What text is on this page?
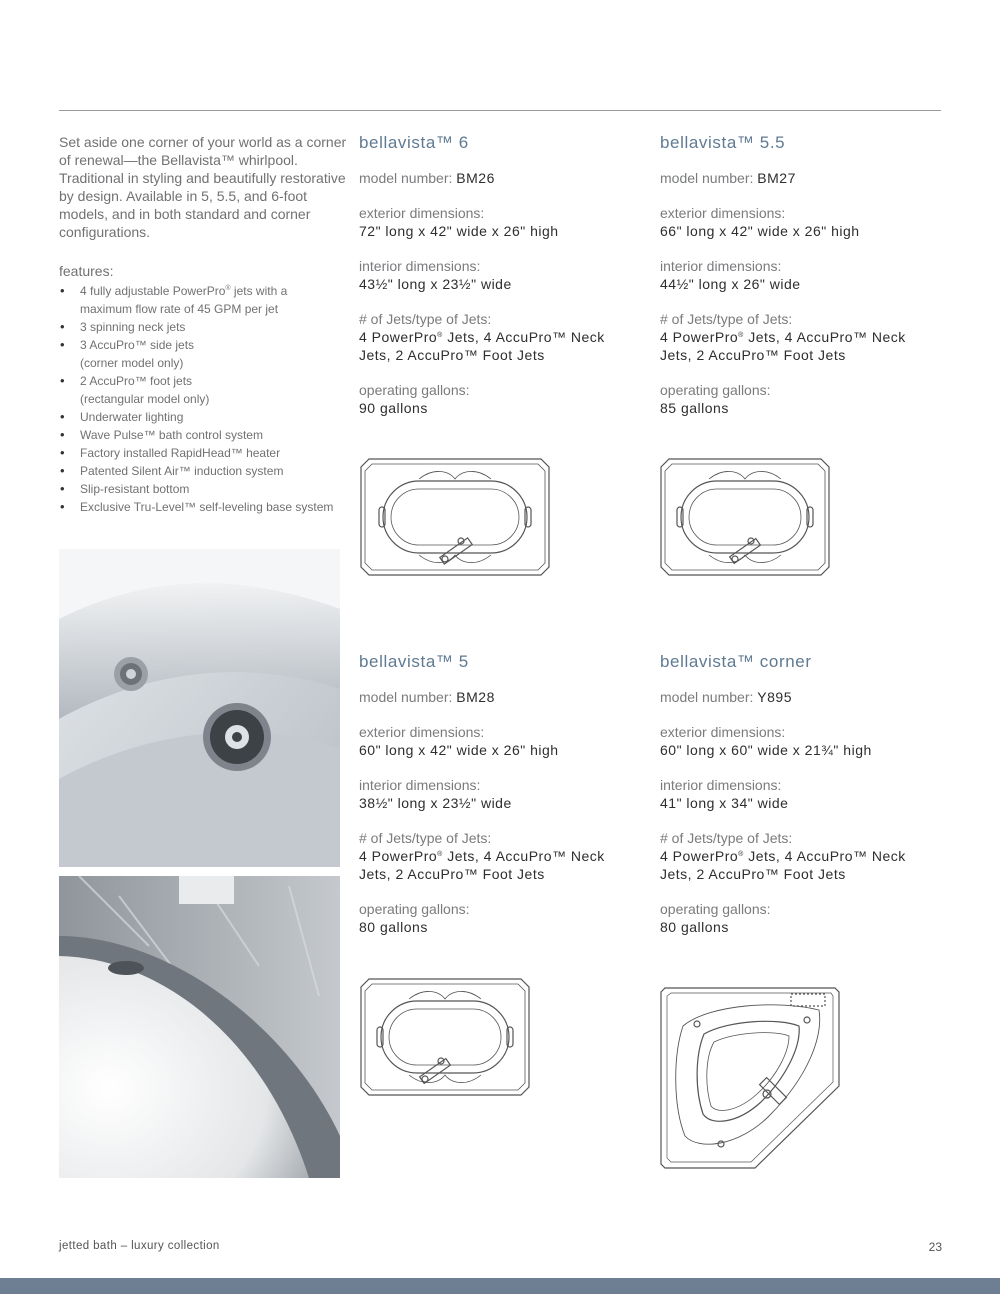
Set aside one corner of your world as a corner of renewal—the Bellavista™ whirlpool. Traditional in styling and beautifully restorative by design. Available in 5, 5.5, and 6-foot models, and in both standard and corner configurations.

features:
• 4 fully adjustable PowerPro® jets with a
maximum flow rate of 45 GPM per jet
• 3 spinning neck jets
• 3 AccuPro™ side jets
(corner model only)
• 2 AccuPro™ foot jets
(rectangular model only)
• Underwater lighting
• Wave Pulse™ bath control system
• Factory installed RapidHead™ heater
• Patented Silent Air™ induction system
• Slip-resistant bottom
• Exclusive Tru-Level™ self-leveling base system
bellavista™ 6
model number: BM26
exterior dimensions:
72" long x 42" wide x 26" high
interior dimensions:
43½" long x 23½" wide
# of Jets/type of Jets:
4 PowerPro® Jets, 4 AccuPro™ Neck
Jets, 2 AccuPro™ Foot Jets
operating gallons:
90 gallons
bellavista™ 5.5
model number: BM27
exterior dimensions:
66" long x 42" wide x 26" high
interior dimensions:
44½" long x 26" wide
# of Jets/type of Jets:
4 PowerPro® Jets, 4 AccuPro™ Neck
Jets, 2 AccuPro™ Foot Jets
operating gallons:
85 gallons
bellavista™ 5
model number: BM28
exterior dimensions:
60" long x 42" wide x 26" high
interior dimensions:
38½" long x 23½" wide
# of Jets/type of Jets:
4 PowerPro® Jets, 4 AccuPro™ Neck
Jets, 2 AccuPro™ Foot Jets
operating gallons:
80 gallons
bellavista™ corner
model number: Y895
exterior dimensions:
60" long x 60" wide x 21¾" high
interior dimensions:
41" long x 34" wide
# of Jets/type of Jets:
4 PowerPro® Jets, 4 AccuPro™ Neck
Jets, 2 AccuPro™ Foot Jets
operating gallons:
80 gallons
jetted bath – luxury collection	23
